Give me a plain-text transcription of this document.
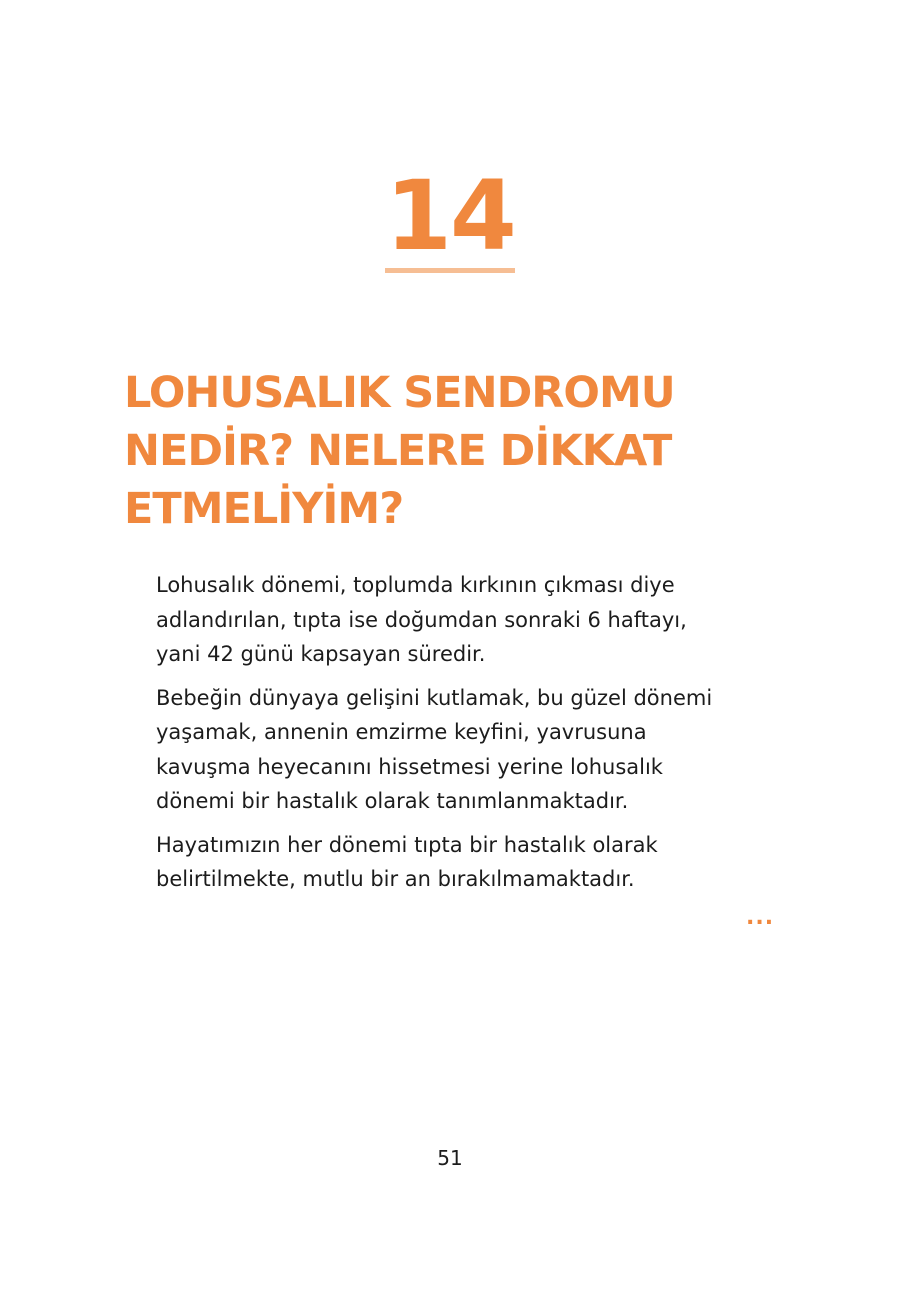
14
LOHUSALIK SENDROMU
NEDİR? NELERE DİKKAT
ETMELİYİM?

Lohusalık dönemi, toplumda kırkının çıkması diye
adlandırılan, tıpta ise doğumdan sonraki 6 haftayı,
yani 42 günü kapsayan süredir.

Bebeğin dünyaya gelişini kutlamak, bu güzel dönemi
yaşamak, annenin emzirme keyfini, yavrusuna
kavuşma heyecanını hissetmesi yerine lohusalık
dönemi bir hastalık olarak tanımlanmaktadır.

Hayatımızın her dönemi tıpta bir hastalık olarak
belirtilmekte, mutlu bir an bırakılmamaktadır.

...
51
